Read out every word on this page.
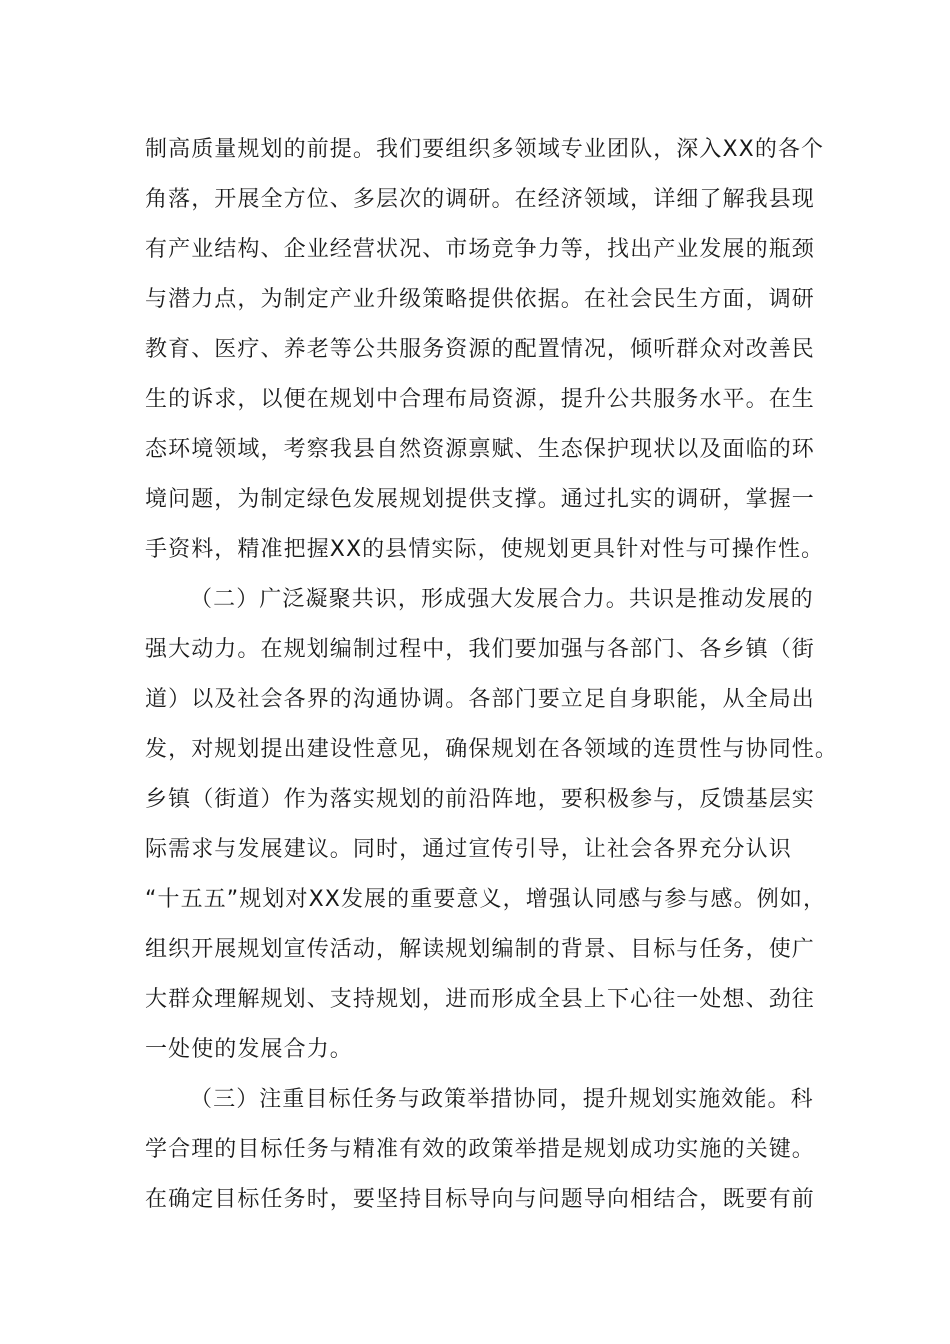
制高质量规划的前提。我们要组织多领域专业团队，深入XX的各个
角落，开展全方位、多层次的调研。在经济领域，详细了解我县现
有产业结构、企业经营状况、市场竞争力等，找出产业发展的瓶颈
与潜力点，为制定产业升级策略提供依据。在社会民生方面，调研
教育、医疗、养老等公共服务资源的配置情况，倾听群众对改善民
生的诉求，以便在规划中合理布局资源，提升公共服务水平。在生
态环境领域，考察我县自然资源禀赋、生态保护现状以及面临的环
境问题，为制定绿色发展规划提供支撑。通过扎实的调研，掌握一
手资料，精准把握XX的县情实际，使规划更具针对性与可操作性。
（二）广泛凝聚共识，形成强大发展合力。共识是推动发展的
强大动力。在规划编制过程中，我们要加强与各部门、各乡镇（街
道）以及社会各界的沟通协调。各部门要立足自身职能，从全局出
发，对规划提出建设性意见，确保规划在各领域的连贯性与协同性。
乡镇（街道）作为落实规划的前沿阵地，要积极参与，反馈基层实
际需求与发展建议。同时，通过宣传引导，让社会各界充分认识
“十五五”规划对XX发展的重要意义，增强认同感与参与感。例如，
组织开展规划宣传活动，解读规划编制的背景、目标与任务，使广
大群众理解规划、支持规划，进而形成全县上下心往一处想、劲往
一处使的发展合力。
（三）注重目标任务与政策举措协同，提升规划实施效能。科
学合理的目标任务与精准有效的政策举措是规划成功实施的关键。
在确定目标任务时，要坚持目标导向与问题导向相结合，既要有前
